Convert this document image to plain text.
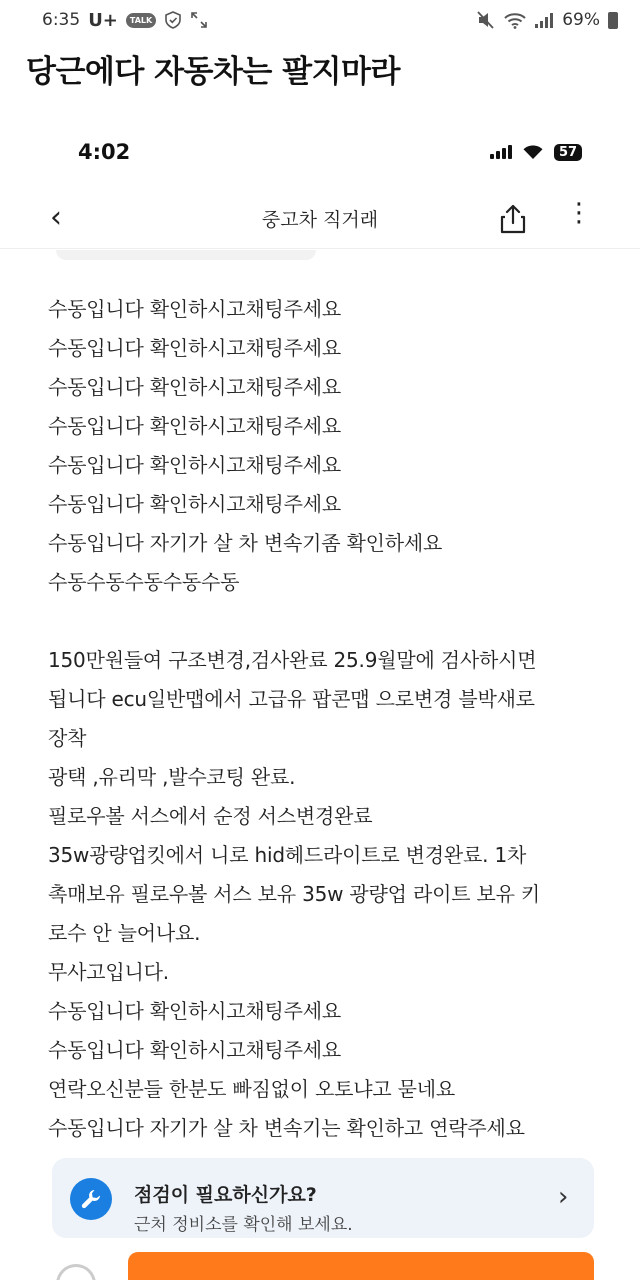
6:35 U+	TALK	69%
당근에다 자동차는 팔지마라
4:02	57
‹	중고차 직거래	⋮
수동입니다 확인하시고채팅주세요
수동입니다 확인하시고채팅주세요
수동입니다 확인하시고채팅주세요
수동입니다 확인하시고채팅주세요
수동입니다 확인하시고채팅주세요
수동입니다 확인하시고채팅주세요
수동입니다 자기가 살 차 변속기좀 확인하세요
수동수동수동수동수동
150만원들여 구조변경,검사완료 25.9월말에 검사하시면
됩니다 ecu일반맵에서 고급유 팝콘맵 으로변경 블박새로
장착
광택 ,유리막 ,발수코팅 완료.
필로우볼 서스에서 순정 서스변경완료
35w광량업킷에서 니로 hid헤드라이트로 변경완료. 1차
촉매보유 필로우볼 서스 보유 35w 광량업 라이트 보유 키
로수 안 늘어나요.
무사고입니다.
수동입니다 확인하시고채팅주세요
수동입니다 확인하시고채팅주세요
연락오신분들 한분도 빠짐없이 오토냐고 묻네요
수동입니다 자기가 살 차 변속기는 확인하고 연락주세요
점검이 필요하신가요?
근처 정비소를 확인해 보세요.
›
